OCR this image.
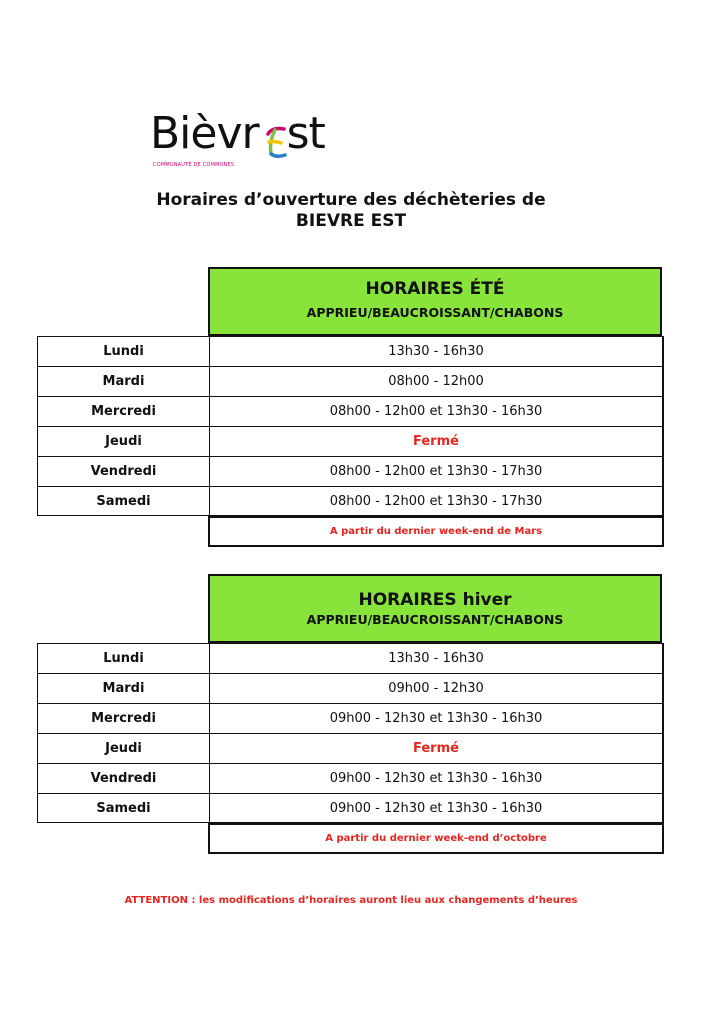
Bièvr st
COMMUNAUTÉ DE COMMUNES
Horaires d’ouverture des déchèteries de
BIEVRE EST
HORAIRES ÉTÉ
APPRIEU/BEAUCROISSANT/CHABONS
Lundi	13h30 - 16h30
Mardi	08h00 - 12h00
Mercredi	08h00 - 12h00 et 13h30 - 16h30
Jeudi	Fermé
Vendredi	08h00 - 12h00 et 13h30 - 17h30
Samedi	08h00 - 12h00 et 13h30 - 17h30
A partir du dernier week-end de Mars
HORAIRES hiver
APPRIEU/BEAUCROISSANT/CHABONS
Lundi	13h30 - 16h30
Mardi	09h00 - 12h30
Mercredi	09h00 - 12h30 et 13h30 - 16h30
Jeudi	Fermé
Vendredi	09h00 - 12h30 et 13h30 - 16h30
Samedi	09h00 - 12h30 et 13h30 - 16h30
A partir du dernier week-end d’octobre
ATTENTION : les modifications d’horaires auront lieu aux changements d’heures
